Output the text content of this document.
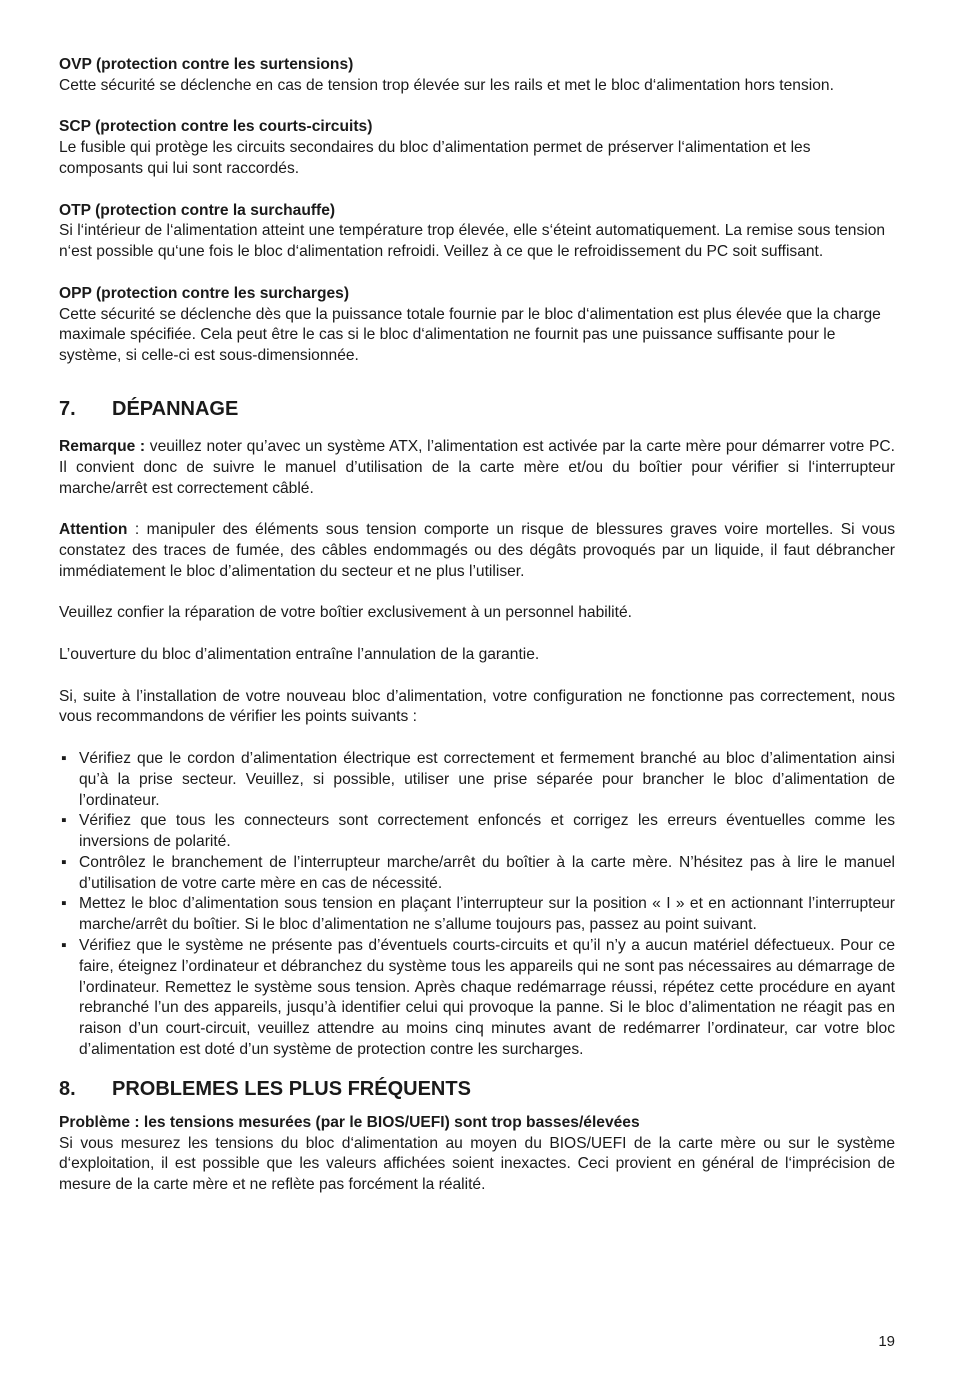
OVP (protection contre les surtensions)
Cette sécurité se déclenche en cas de tension trop élevée sur les rails et met le bloc d‘alimentation hors tension.
SCP (protection contre les courts-circuits)
Le fusible qui protège les circuits secondaires du bloc d’alimentation permet de préserver l‘alimentation et les composants qui lui sont raccordés.
OTP (protection contre la surchauffe)
Si l‘intérieur de l‘alimentation atteint une température trop élevée, elle s‘éteint automatiquement. La remise sous tension n‘est possible qu‘une fois le bloc d‘alimentation refroidi. Veillez à ce que le refroidissement du PC soit suffisant.
OPP (protection contre les surcharges)
Cette sécurité se déclenche dès que la puissance totale fournie par le bloc d‘alimentation est plus élevée que la charge maximale spécifiée. Cela peut être le cas si le bloc d‘alimentation ne fournit pas une puissance suffisante pour le système, si celle-ci est sous-dimensionnée.
7.	DÉPANNAGE

Remarque : veuillez noter qu’avec un système ATX, l’alimentation est activée par la carte mère pour démarrer votre PC. Il convient donc de suivre le manuel d’utilisation de la carte mère et/ou du boîtier pour vérifier si l‘interrupteur marche/arrêt est correctement câblé.

Attention : manipuler des éléments sous tension comporte un risque de blessures graves voire mortelles. Si vous constatez des traces de fumée, des câbles endommagés ou des dégâts provoqués par un liquide, il faut débrancher immédiatement le bloc d’alimentation du secteur et ne plus l’utiliser.

Veuillez confier la réparation de votre boîtier exclusivement à un personnel habilité.

L’ouverture du bloc d’alimentation entraîne l’annulation de la garantie.

Si, suite à l’installation de votre nouveau bloc d’alimentation, votre configuration ne fonctionne pas correctement, nous vous recommandons de vérifier les points suivants :

▪ Vérifiez que le cordon d’alimentation électrique est correctement et fermement branché au bloc d’alimentation ainsi qu’à la prise secteur. Veuillez, si possible, utiliser une prise séparée pour brancher le bloc d’alimentation de l’ordinateur.
▪ Vérifiez que tous les connecteurs sont correctement enfoncés et corrigez les erreurs éventuelles comme les inversions de polarité.
▪ Contrôlez le branchement de l’interrupteur marche/arrêt du boîtier à la carte mère. N’hésitez pas à lire le manuel d’utilisation de votre carte mère en cas de nécessité.
▪ Mettez le bloc d’alimentation sous tension en plaçant l’interrupteur sur la position « I » et en actionnant l’interrupteur marche/arrêt du boîtier. Si le bloc d’alimentation ne s’allume toujours pas, passez au point suivant.
▪ Vérifiez que le système ne présente pas d’éventuels courts-circuits et qu’il n’y a aucun matériel défectueux. Pour ce faire, éteignez l’ordinateur et débranchez du système tous les appareils qui ne sont pas nécessaires au démarrage de l’ordinateur. Remettez le système sous tension. Après chaque redémarrage réussi, répétez cette procédure en ayant rebranché l’un des appareils, jusqu’à identifier celui qui provoque la panne. Si le bloc d’alimentation ne réagit pas en raison d’un court-circuit, veuillez attendre au moins cinq minutes avant de redémarrer l’ordinateur, car votre bloc d’alimentation est doté d’un système de protection contre les surcharges.
8.	PROBLEMES LES PLUS FRÉQUENTS
Problème : les tensions mesurées (par le BIOS/UEFI) sont trop basses/élevées
Si vous mesurez les tensions du bloc d‘alimentation au moyen du BIOS/UEFI de la carte mère ou sur le système d‘exploitation, il est possible que les valeurs affichées soient inexactes. Ceci provient en général de l‘imprécision de mesure de la carte mère et ne reflète pas forcément la réalité.
19
